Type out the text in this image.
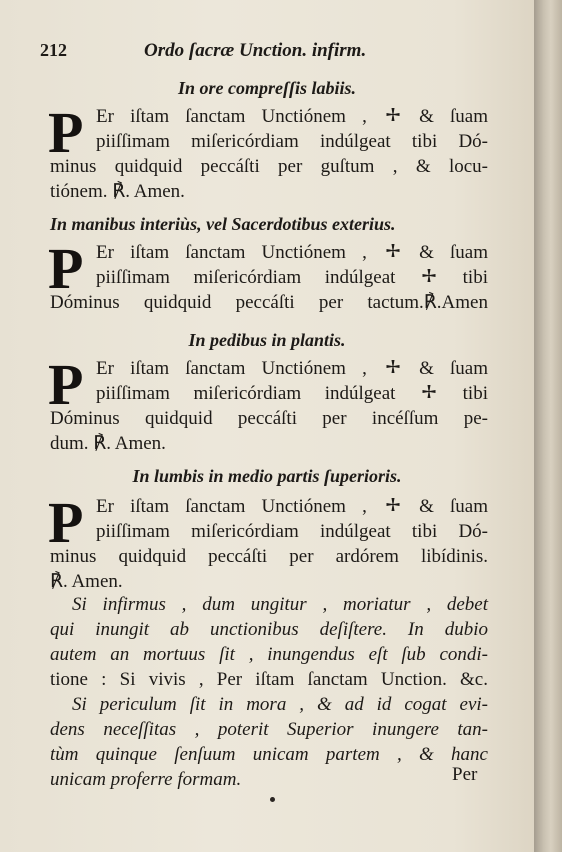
212	Ordo ſacræ Unction. infirm.
In ore compreſſis labiis.
P Er iſtam ſanctam Unctiónem ,	& ſuam
piiſſimam miſericórdiam indúlgeat tibi Dó-
minus quidquid peccáſti per guſtum , & locu-
tiónem. ℟. Amen.
In manibus interiùs, vel Sacerdotibus exterius.
P Er iſtam ſanctam Unctiónem ,	& ſuam
piiſſimam miſericórdiam indúlgeat	tibi
Dóminus quidquid peccáſti per tactum.℟.Amen
In pedibus in plantis.
P Er iſtam ſanctam Unctiónem ,	& ſuam
piiſſimam miſericórdiam indúlgeat	tibi
Dóminus quidquid peccáſti per incéſſum pe-
dum. ℟. Amen.
In lumbis in medio partis ſuperioris.
P Er iſtam ſanctam Unctiónem ,	& ſuam
piiſſimam miſericórdiam indúlgeat tibi Dó-
minus quidquid peccáſti per ardórem libídinis.
℟. Amen.
Si infirmus , dum ungitur , moriatur , debet
qui inungit ab unctionibus deſiſtere. In dubio
autem an mortuus ſit , inungendus eſt ſub condi-
tione : Si vivis , Per iſtam ſanctam Unction. &c.
Si periculum ſit in mora , & ad id cogat evi-
dens neceſſitas , poterit Superior inungere tan-
tùm quinque ſenſuum unicam partem , & hanc
unicam proferre formam.	Per
